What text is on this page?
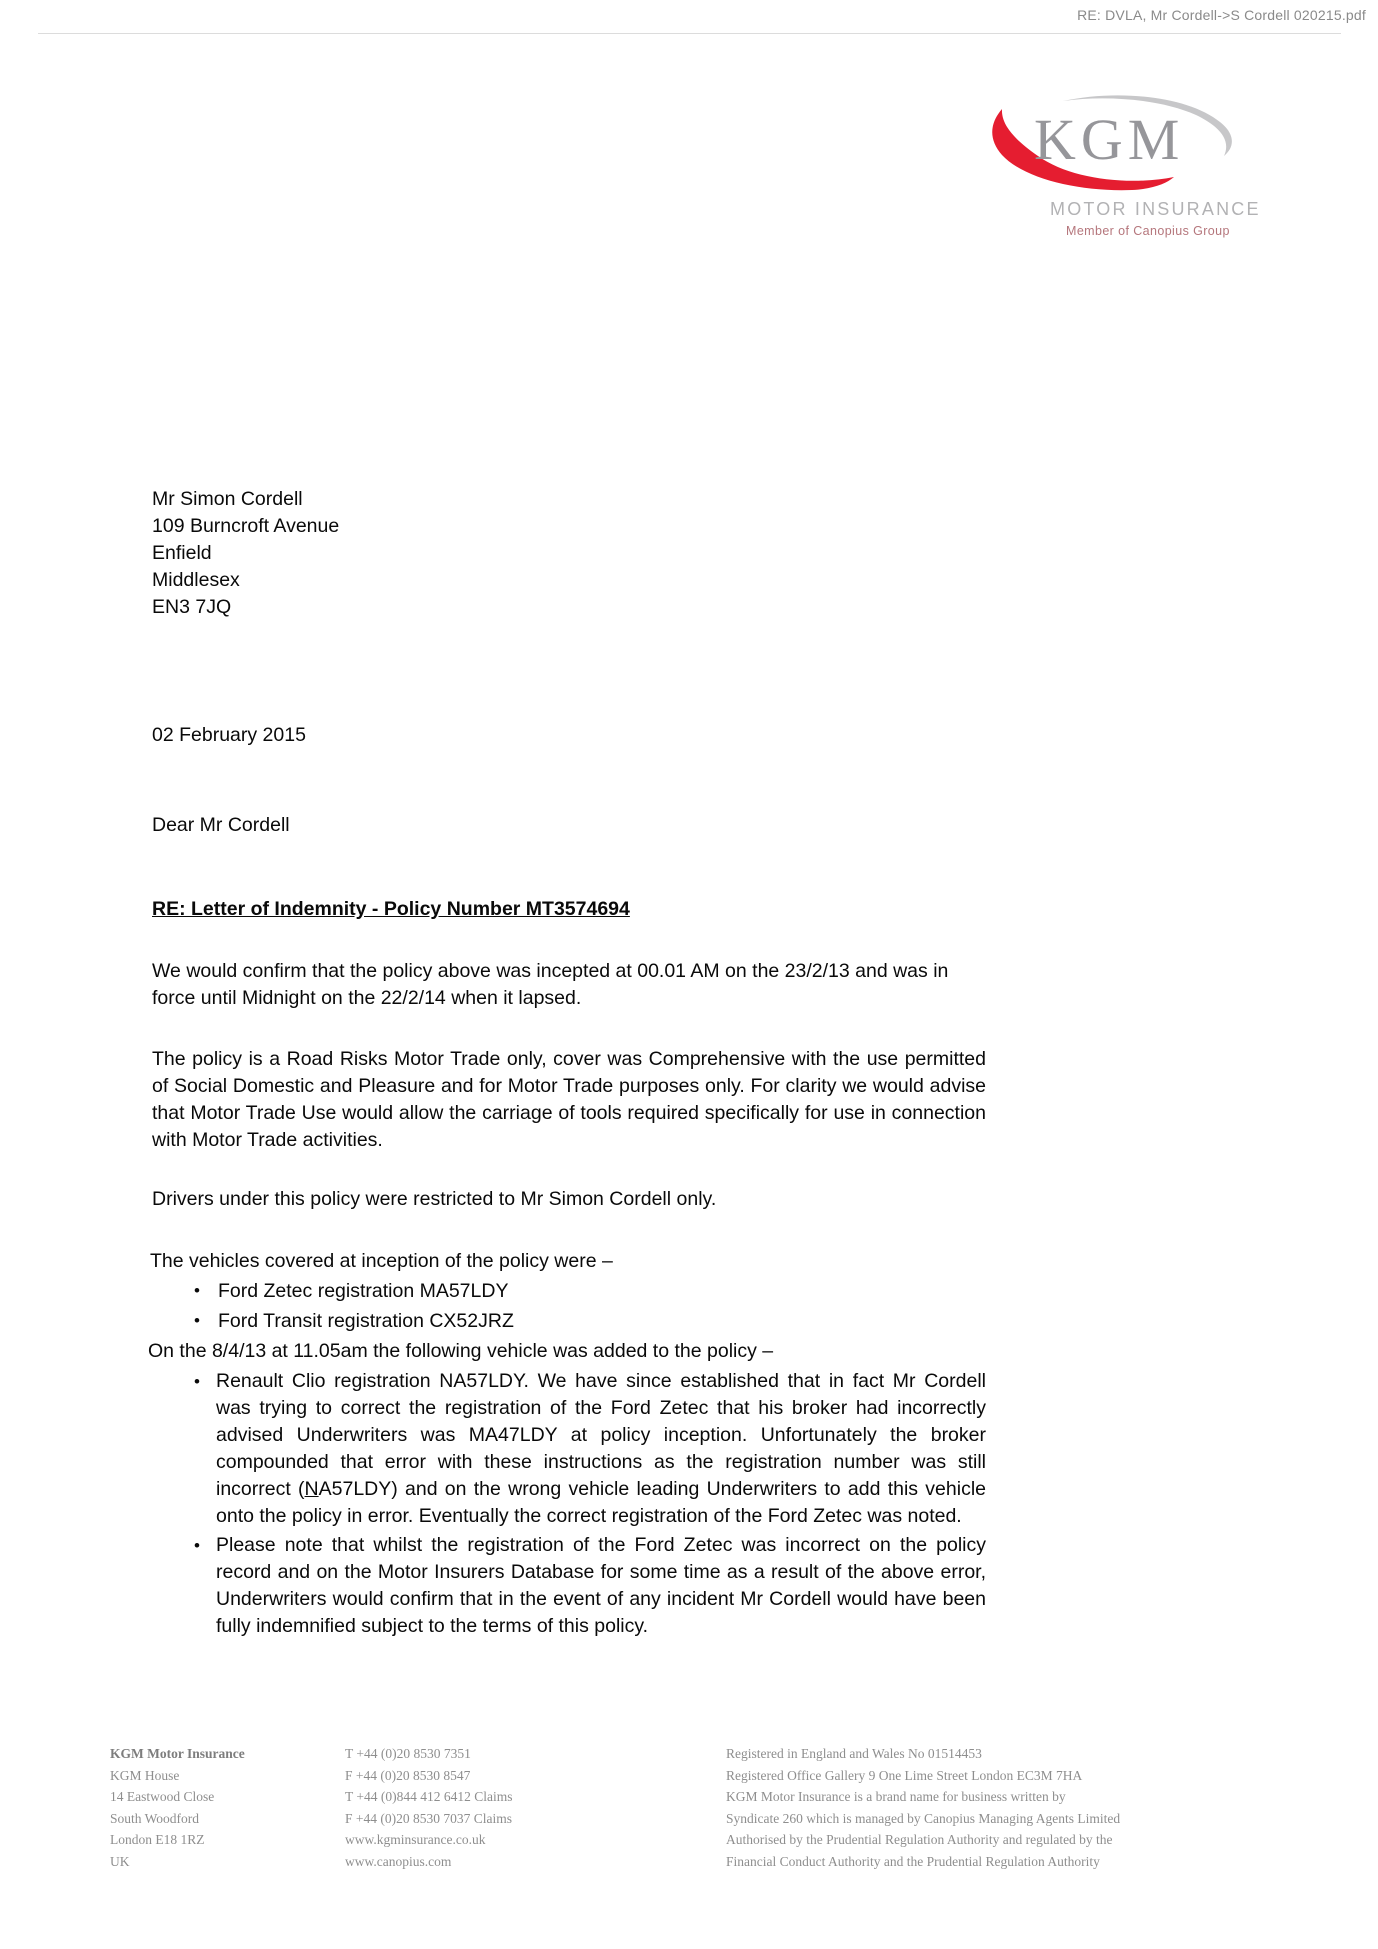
RE: DVLA, Mr Cordell->S Cordell 020215.pdf
KGM
MOTOR INSURANCE
Member of Canopius Group
Mr Simon Cordell
109 Burncroft Avenue
Enfield
Middlesex
EN3 7JQ
02 February 2015
Dear Mr Cordell
RE: Letter of Indemnity - Policy Number MT3574694
We would confirm that the policy above was incepted at 00.01 AM on the 23/2/13 and was in force until Midnight on the 22/2/14 when it lapsed.
The policy is a Road Risks Motor Trade only, cover was Comprehensive with the use permitted of Social Domestic and Pleasure and for Motor Trade purposes only. For clarity we would advise that Motor Trade Use would allow the carriage of tools required specifically for use in connection with Motor Trade activities.
Drivers under this policy were restricted to Mr Simon Cordell only.
The vehicles covered at inception of the policy were –
• Ford Zetec registration MA57LDY
• Ford Transit registration CX52JRZ
On the 8/4/13 at 11.05am the following vehicle was added to the policy –
• Renault Clio registration NA57LDY. We have since established that in fact Mr Cordell was trying to correct the registration of the Ford Zetec that his broker had incorrectly advised Underwriters was MA47LDY at policy inception. Unfortunately the broker compounded that error with these instructions as the registration number was still incorrect (NA57LDY) and on the wrong vehicle leading Underwriters to add this vehicle onto the policy in error. Eventually the correct registration of the Ford Zetec was noted.
• Please note that whilst the registration of the Ford Zetec was incorrect on the policy record and on the Motor Insurers Database for some time as a result of the above error, Underwriters would confirm that in the event of any incident Mr Cordell would have been fully indemnified subject to the terms of this policy.
KGM Motor Insurance
KGM House
14 Eastwood Close
South Woodford
London E18 1RZ
UK
T +44 (0)20 8530 7351
F +44 (0)20 8530 8547
T +44 (0)844 412 6412 Claims
F +44 (0)20 8530 7037 Claims
www.kgminsurance.co.uk
www.canopius.com
Registered in England and Wales No 01514453
Registered Office Gallery 9 One Lime Street London EC3M 7HA
KGM Motor Insurance is a brand name for business written by
Syndicate 260 which is managed by Canopius Managing Agents Limited
Authorised by the Prudential Regulation Authority and regulated by the
Financial Conduct Authority and the Prudential Regulation Authority
